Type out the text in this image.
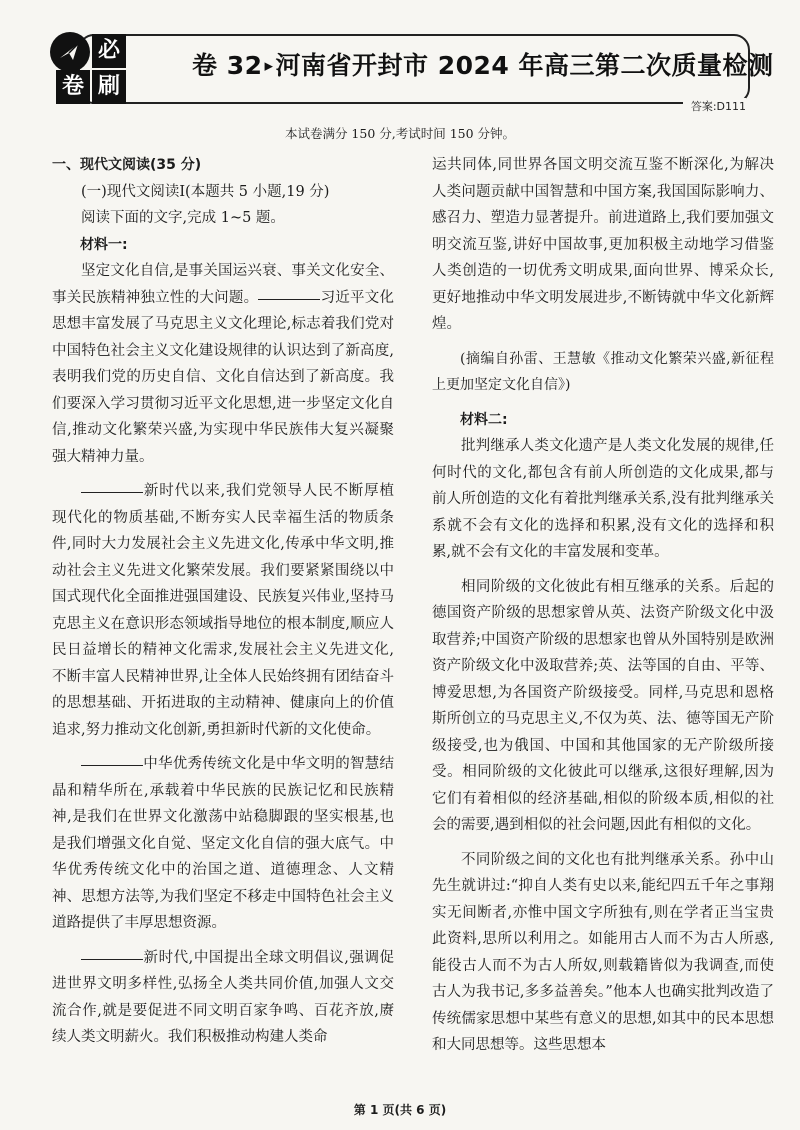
必
卷 刷
卷 32 ▸河南省开封市 2024 年高三第二次质量检测
答案:D111
本试卷满分 150 分,考试时间 150 分钟。

一、现代文阅读(35 分)

(一)现代文阅读Ⅰ(本题共 5 小题,19 分)

阅读下面的文字,完成 1~5 题。

材料一:

坚定文化自信,是事关国运兴衰、事关文化安全、事关民族精神独立性的大问题。	习近平文化思想丰富发展了马克思主义文化理论,标志着我们党对中国特色社会主义文化建设规律的认识达到了新高度,表明我们党的历史自信、文化自信达到了新高度。我们要深入学习贯彻习近平文化思想,进一步坚定文化自信,推动文化繁荣兴盛,为实现中华民族伟大复兴凝聚强大精神力量。

新时代以来,我们党领导人民不断厚植现代化的物质基础,不断夯实人民幸福生活的物质条件,同时大力发展社会主义先进文化,传承中华文明,推动社会主义先进文化繁荣发展。我们要紧紧围绕以中国式现代化全面推进强国建设、民族复兴伟业,坚持马克思主义在意识形态领域指导地位的根本制度,顺应人民日益增长的精神文化需求,发展社会主义先进文化,不断丰富人民精神世界,让全体人民始终拥有团结奋斗的思想基础、开拓进取的主动精神、健康向上的价值追求,努力推动文化创新,勇担新时代新的文化使命。

中华优秀传统文化是中华文明的智慧结晶和精华所在,承载着中华民族的民族记忆和民族精神,是我们在世界文化激荡中站稳脚跟的坚实根基,也是我们增强文化自觉、坚定文化自信的强大底气。中华优秀传统文化中的治国之道、道德理念、人文精神、思想方法等,为我们坚定不移走中国特色社会主义道路提供了丰厚思想资源。

新时代,中国提出全球文明倡议,强调促进世界文明多样性,弘扬全人类共同价值,加强人文交流合作,就是要促进不同文明百家争鸣、百花齐放,赓续人类文明薪火。我们积极推动构建人类命

运共同体,同世界各国文明交流互鉴不断深化,为解决人类问题贡献中国智慧和中国方案,我国国际影响力、感召力、塑造力显著提升。前进道路上,我们要加强文明交流互鉴,讲好中国故事,更加积极主动地学习借鉴人类创造的一切优秀文明成果,面向世界、博采众长,更好地推动中华文明发展进步,不断铸就中华文化新辉煌。

(摘编自孙雷、王慧敏《推动文化繁荣兴盛,新征程上更加坚定文化自信》)

材料二:

批判继承人类文化遗产是人类文化发展的规律,任何时代的文化,都包含有前人所创造的文化成果,都与前人所创造的文化有着批判继承关系,没有批判继承关系就不会有文化的选择和积累,没有文化的选择和积累,就不会有文化的丰富发展和变革。

相同阶级的文化彼此有相互继承的关系。后起的德国资产阶级的思想家曾从英、法资产阶级文化中汲取营养;中国资产阶级的思想家也曾从外国特别是欧洲资产阶级文化中汲取营养;英、法等国的自由、平等、博爱思想,为各国资产阶级接受。同样,马克思和恩格斯所创立的马克思主义,不仅为英、法、德等国无产阶级接受,也为俄国、中国和其他国家的无产阶级所接受。相同阶级的文化彼此可以继承,这很好理解,因为它们有着相似的经济基础,相似的阶级本质,相似的社会的需要,遇到相似的社会问题,因此有相似的文化。

不同阶级之间的文化也有批判继承关系。孙中山先生就讲过:“抑自人类有史以来,能纪四五千年之事翔实无间断者,亦惟中国文字所独有,则在学者正当宝贵此资料,思所以利用之。如能用古人而不为古人所惑,能役古人而不为古人所奴,则载籍皆似为我调查,而使古人为我书记,多多益善矣。”他本人也确实批判改造了传统儒家思想中某些有意义的思想,如其中的民本思想和大同思想等。这些思想本

第 1 页(共 6 页)
